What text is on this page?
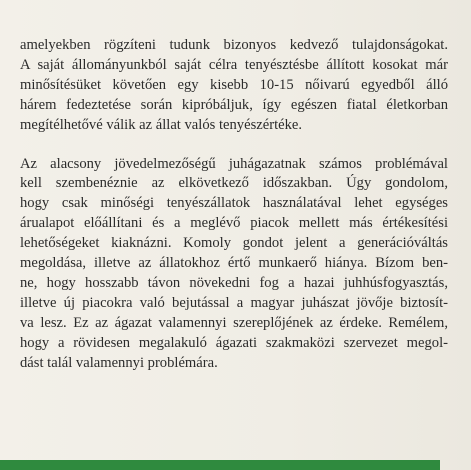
amelyekben rögzíteni tudunk bizonyos kedvező tulajdonságokat.
A saját állományunkból saját célra tenyésztésbe állított kosokat már
minősítésüket követően egy kisebb 10-15 nőivarú egyedből álló
hárem fedeztetése során kipróbáljuk, így egészen fiatal életkorban
megítélhetővé válik az állat valós tenyészértéke.

Az alacsony jövedelmezőségű juhágazatnak számos problémával
kell szembenéznie az elkövetkező időszakban. Úgy gondolom,
hogy csak minőségi tenyészállatok használatával lehet egységes
árualapot előállítani és a meglévő piacok mellett más értékesítési
lehetőségeket kiaknázni. Komoly gondot jelent a generációváltás
megoldása, illetve az állatokhoz értő munkaerő hiánya. Bízom ben-
ne, hogy hosszabb távon növekedni fog a hazai juhhúsfogyasztás,
illetve új piacokra való bejutással a magyar juhászat jövője biztosít-
va lesz. Ez az ágazat valamennyi szereplőjének az érdeke. Remélem,
hogy a rövidesen megalakuló ágazati szakmaközi szervezet megol-
dást talál valamennyi problémára.
